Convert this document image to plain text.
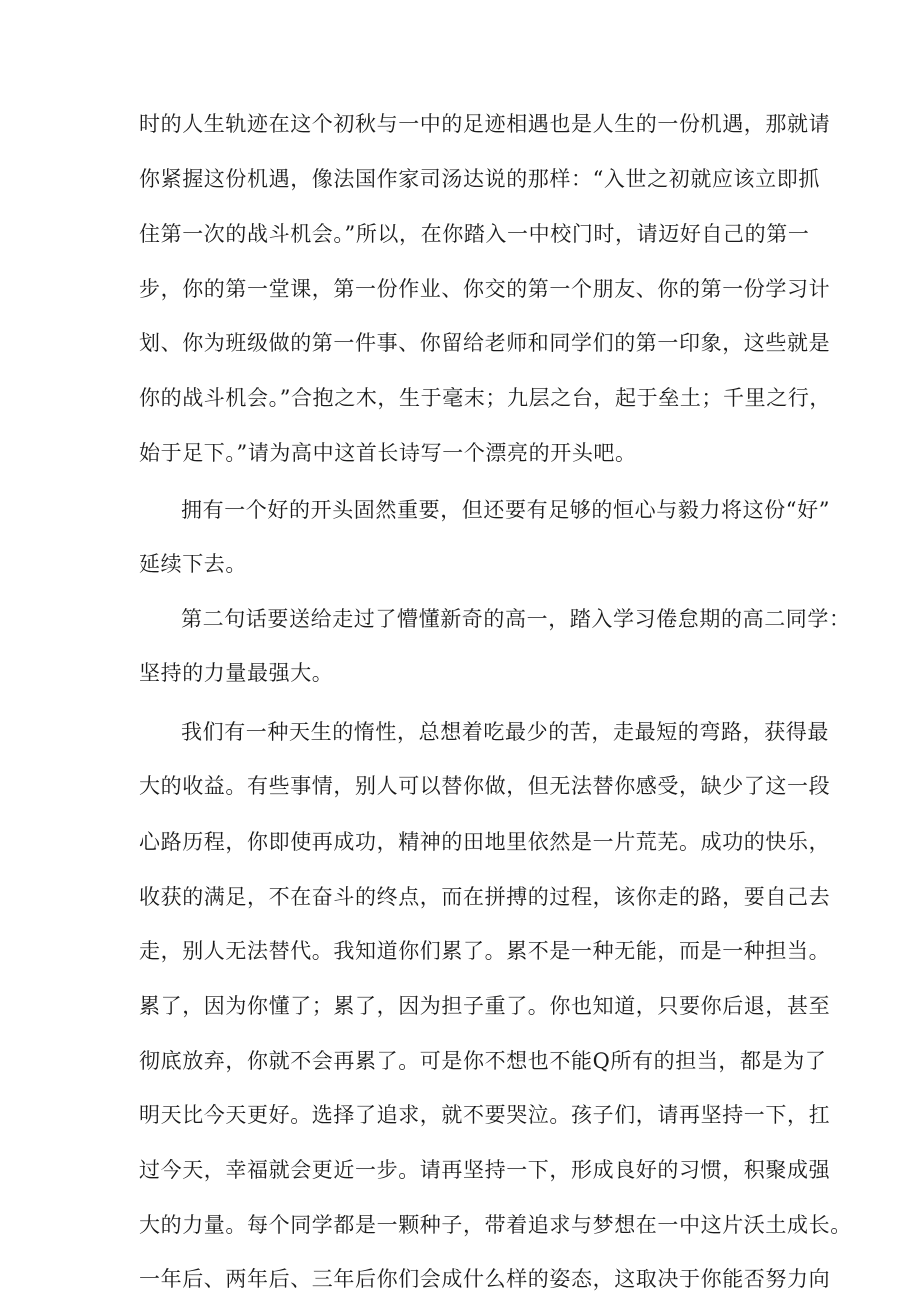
时的人生轨迹在这个初秋与一中的足迹相遇也是人生的一份机遇，那就请
你紧握这份机遇，像法国作家司汤达说的那样：“入世之初就应该立即抓
住第一次的战斗机会。”所以，在你踏入一中校门时，请迈好自己的第一
步，你的第一堂课，第一份作业、你交的第一个朋友、你的第一份学习计
划、你为班级做的第一件事、你留给老师和同学们的第一印象，这些就是
你的战斗机会。”合抱之木，生于毫末；九层之台，起于垒土；千里之行，
始于足下。”请为高中这首长诗写一个漂亮的开头吧。
拥有一个好的开头固然重要，但还要有足够的恒心与毅力将这份“好”
延续下去。
第二句话要送给走过了懵懂新奇的高一，踏入学习倦怠期的高二同学：
坚持的力量最强大。
我们有一种天生的惰性，总想着吃最少的苦，走最短的弯路，获得最
大的收益。有些事情，别人可以替你做，但无法替你感受，缺少了这一段
心路历程，你即使再成功，精神的田地里依然是一片荒芜。成功的快乐，
收获的满足，不在奋斗的终点，而在拼搏的过程，该你走的路，要自己去
走，别人无法替代。我知道你们累了。累不是一种无能，而是一种担当。
累了，因为你懂了；累了，因为担子重了。你也知道，只要你后退，甚至
彻底放弃，你就不会再累了。可是你不想也不能Q所有的担当，都是为了
明天比今天更好。选择了追求，就不要哭泣。孩子们，请再坚持一下，扛
过今天，幸福就会更近一步。请再坚持一下，形成良好的习惯，积聚成强
大的力量。每个同学都是一颗种子，带着追求与梦想在一中这片沃土成长。
一年后、两年后、三年后你们会成什么样的姿态，这取决于你能否努力向
